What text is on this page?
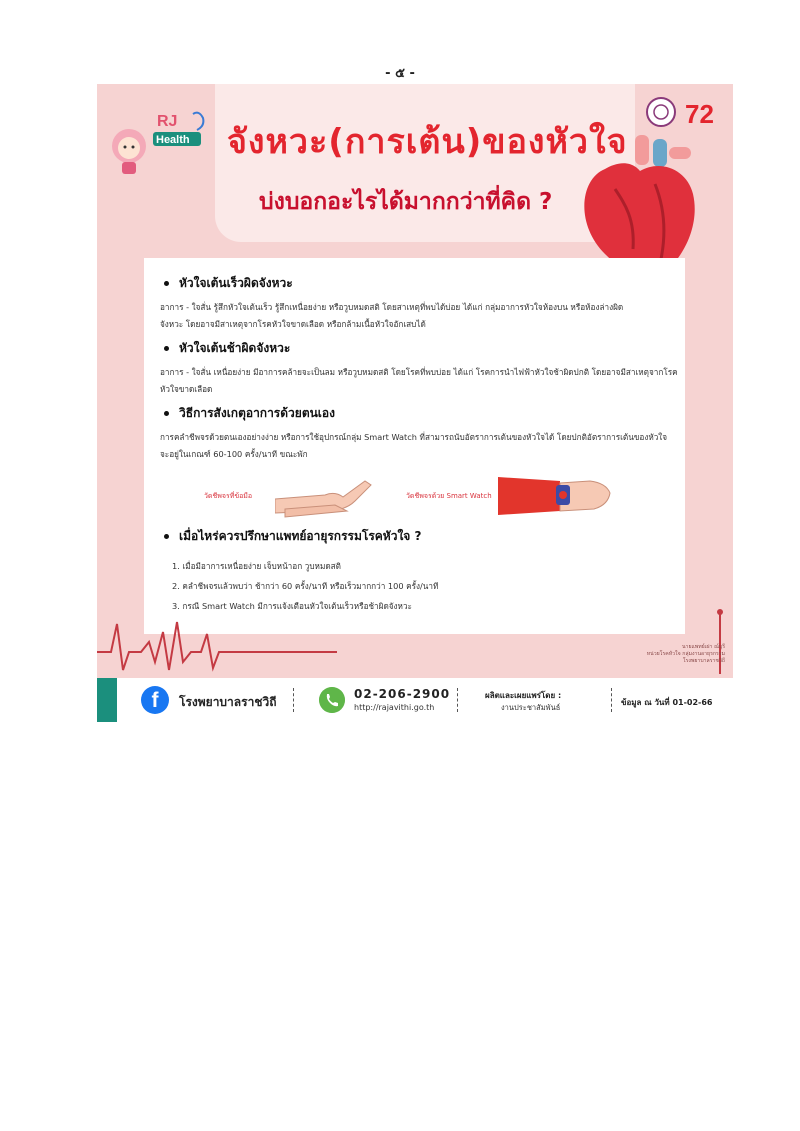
- ๕ -
RJ
Health จังหวะ(การเต้น)ของหัวใจ
บ่งบอกอะไรได้มากกว่าที่คิด ?
72
หัวใจเต้นเร็วผิดจังหวะ
อาการ - ใจสั่น รู้สึกหัวใจเต้นเร็ว รู้สึกเหนื่อยง่าย หรือวูบหมดสติ โดยสาเหตุที่พบได้บ่อย ได้แก่ กลุ่มอาการหัวใจห้องบน หรือห้องล่างผิด
จังหวะ โดยอาจมีสาเหตุจากโรคหัวใจขาดเลือด หรือกล้ามเนื้อหัวใจอักเสบได้
หัวใจเต้นช้าผิดจังหวะ
อาการ - ใจสั่น เหนื่อยง่าย มีอาการคล้ายจะเป็นลม หรือวูบหมดสติ โดยโรคที่พบบ่อย ได้แก่ โรคการนำไฟฟ้าหัวใจช้าผิดปกติ โดยอาจมีสาเหตุจากโรค
หัวใจขาดเลือด
วิธีการสังเกตุอาการด้วยตนเอง
การคลำชีพจรด้วยตนเองอย่างง่าย หรือการใช้อุปกรณ์กลุ่ม Smart Watch ที่สามารถนับอัตราการเต้นของหัวใจได้ โดยปกติอัตราการเต้นของหัวใจ
จะอยู่ในเกณฑ์ 60-100 ครั้ง/นาที ขณะพัก
วัดชีพจรที่ข้อมือ	วัดชีพจรด้วย Smart Watch
เมื่อไหร่ควรปรึกษาแพทย์อายุรกรรมโรคหัวใจ ?
1. เมื่อมีอาการเหนื่อยง่าย เจ็บหน้าอก วูบหมดสติ
2. คลำชีพจรแล้วพบว่า ช้ากว่า 60 ครั้ง/นาที หรือเร็วมากกว่า 100 ครั้ง/นาที
3. กรณี Smart Watch มีการแจ้งเตือนหัวใจเต้นเร็วหรือช้าผิดจังหวะ
นายแพทย์เผ่า ณ์บุรี
หน่วยโรคหัวใจ กลุ่มงานอายุรกรรม
โรงพยาบาลราชวิถี
f	โรงพยาบาลราชวิถี
02-206-2900
http://rajavithi.go.th
ผลิตและเผยแพร่โดย :
งานประชาสัมพันธ์
ข้อมูล ณ วันที่ 01-02-66
